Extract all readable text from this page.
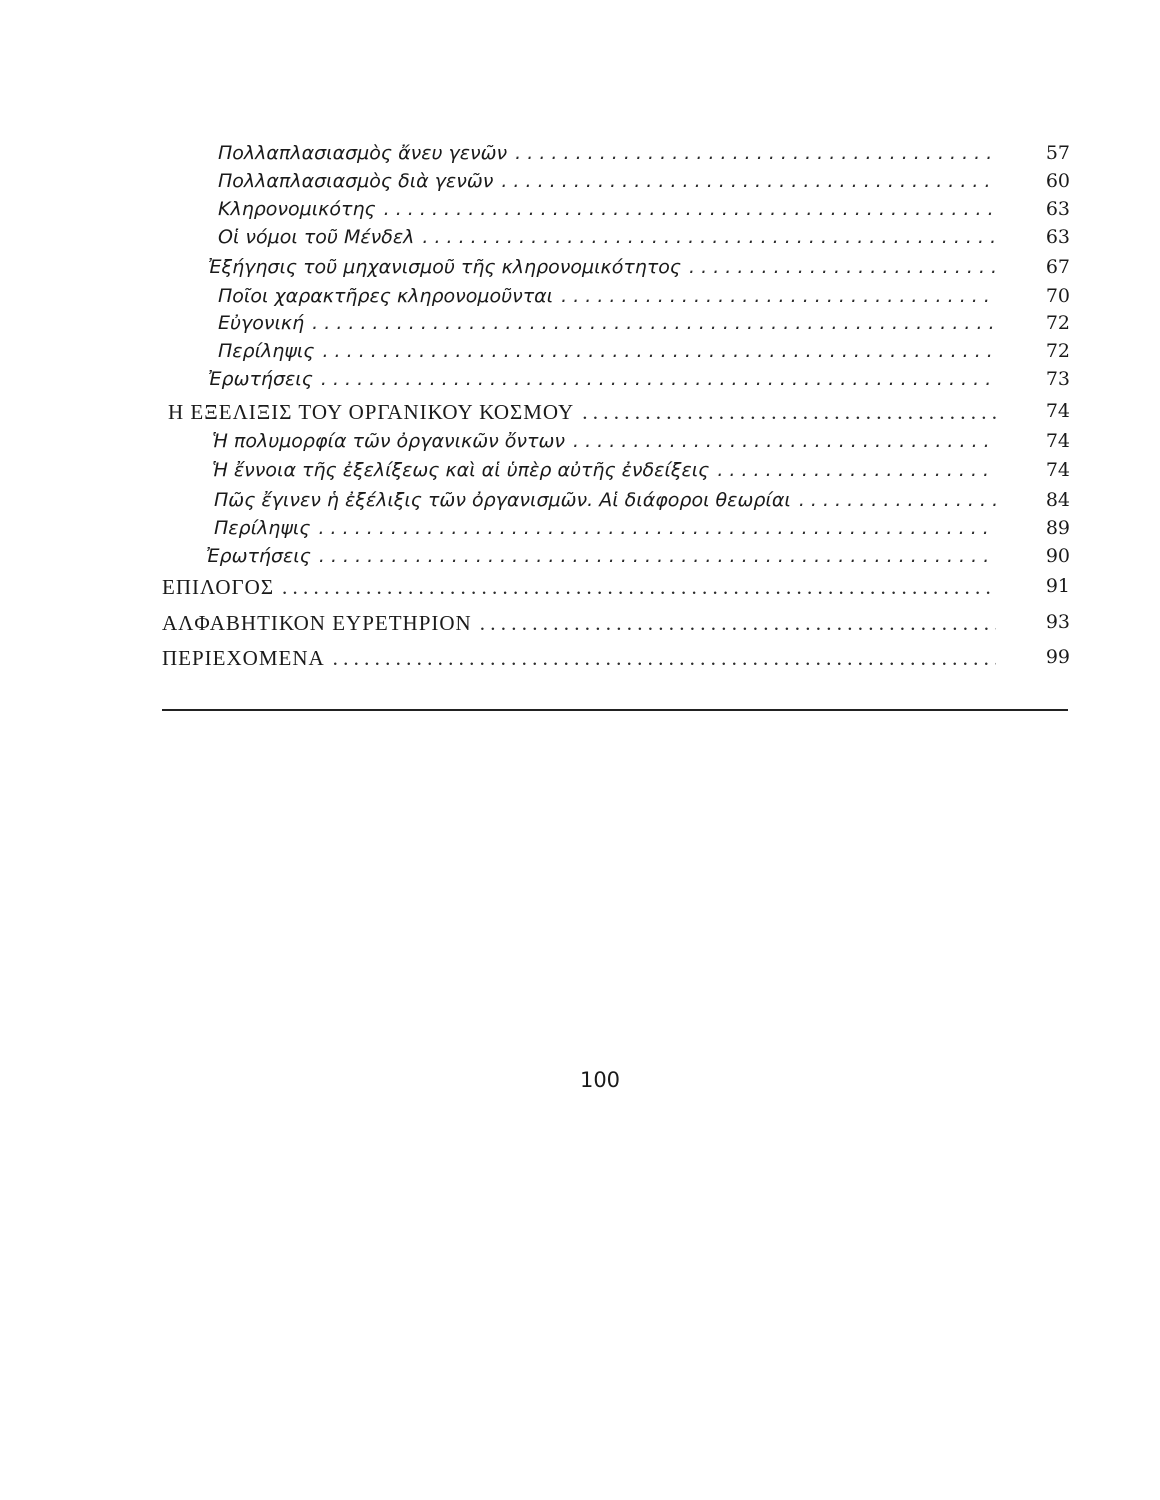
Πολλαπλασιασμὸς ἄνευ γενῶν . . .	57
Πολλαπλασιασμὸς διὰ γενῶν . . .	60
Κληρονομικότης . . .	63
Οἱ νόμοι τοῦ Μένδελ . . .	63
Ἐξήγησις τοῦ μηχανισμοῦ τῆς κληρονομικότητος . . .	67
Ποῖοι χαρακτῆρες κληρονομοῦνται . . .	70
Εὐγονική . . .	72
Περίληψις . . .	72
Ἐρωτήσεις . . .	73
Η ΕΞΕΛΙΞΙΣ ΤΟΥ ΟΡΓΑΝΙΚΟΥ ΚΟΣΜΟΥ . . .	74
Ἡ πολυμορφία τῶν ὀργανικῶν ὄντων . . .	74
Ἡ ἔννοια τῆς ἐξελίξεως καὶ αἱ ὑπὲρ αὐτῆς ἐνδείξεις . . .	74
Πῶς ἔγινεν ἡ ἐξέλιξις τῶν ὀργανισμῶν. Αἱ διάφοροι θεωρίαι . . .	84
Περίληψις . . .	89
Ἐρωτήσεις . . .	90
ΕΠΙΛΟΓΟΣ . . .	91
ΑΛΦΑΒΗΤΙΚΟΝ ΕΥΡΕΤΗΡΙΟΝ . . .	93
ΠΕΡΙΕΧΟΜΕΝΑ . . .	99
100
